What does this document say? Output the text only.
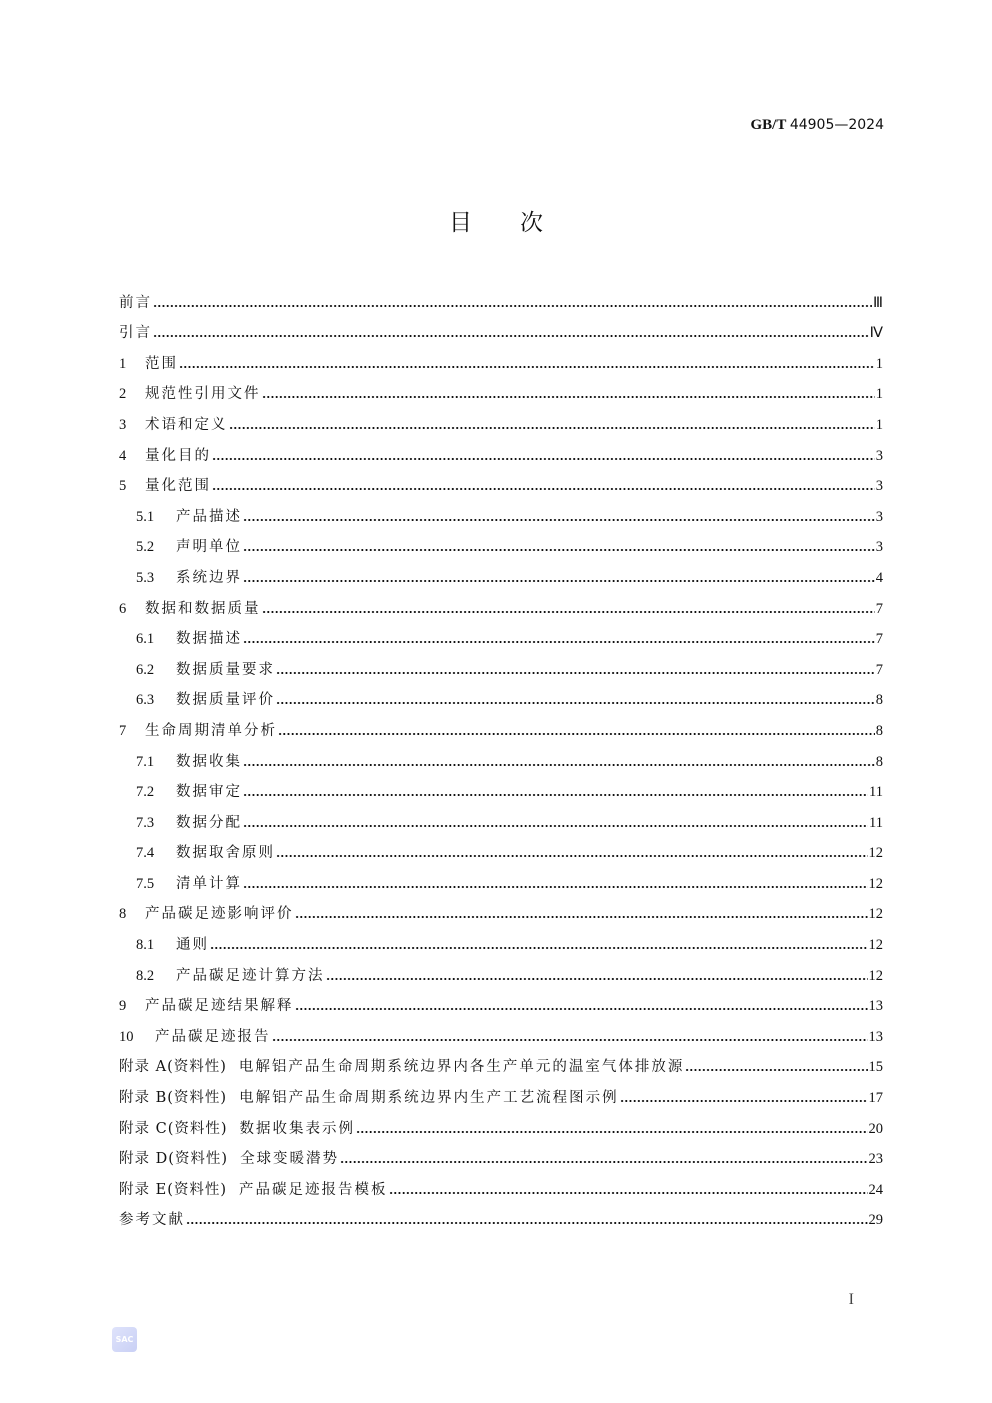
GB/T 44905—2024
目次
前言	Ⅲ
引言	Ⅳ
1	范围	1
2	规范性引用文件	1
3	术语和定义	1
4	量化目的	3
5	量化范围	3
5.1	产品描述	3
5.2	声明单位	3
5.3	系统边界	4
6	数据和数据质量	7
6.1	数据描述	7
6.2	数据质量要求	7
6.3	数据质量评价	8
7	生命周期清单分析	8
7.1	数据收集	8
7.2	数据审定	11
7.3	数据分配	11
7.4	数据取舍原则	12
7.5	清单计算	12
8	产品碳足迹影响评价	12
8.1	通则	12
8.2	产品碳足迹计算方法	12
9	产品碳足迹结果解释	13
10	产品碳足迹报告	13
附录 A(资料性) 电解铝产品生命周期系统边界内各生产单元的温室气体排放源	15
附录 B(资料性) 电解铝产品生命周期系统边界内生产工艺流程图示例	17
附录 C(资料性) 数据收集表示例	20
附录 D(资料性) 全球变暖潜势	23
附录 E(资料性) 产品碳足迹报告模板	24
参考文献	29
I
SAC
